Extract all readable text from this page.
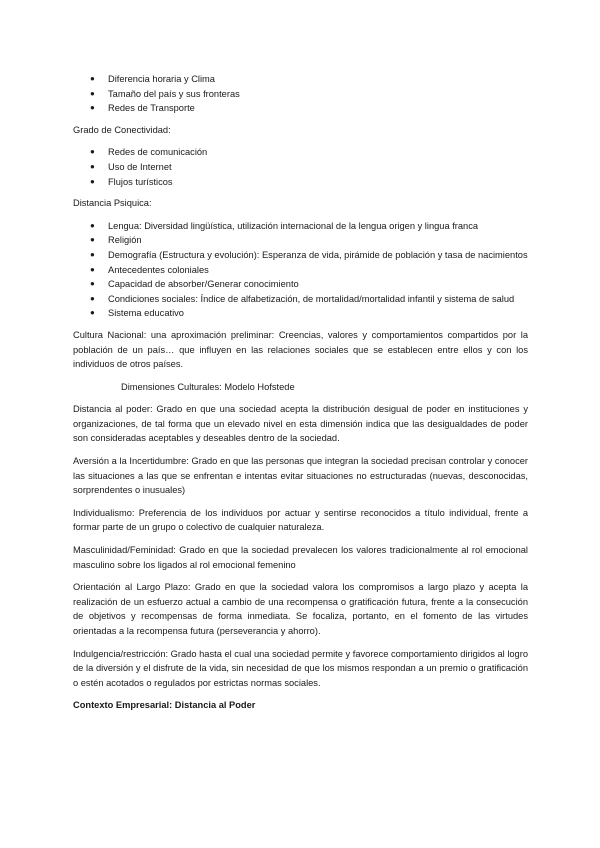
● Diferencia horaria y Clima
● Tamaño del país y sus fronteras
● Redes de Transporte

Grado de Conectividad:

● Redes de comunicación
● Uso de Internet
● Flujos turísticos

Distancia Psiquica:

● Lengua: Diversidad lingüística, utilización internacional de la lengua origen y lingua franca
● Religión
● Demografía (Estructura y evolución): Esperanza de vida, pirámide de población y tasa de nacimientos
● Antecedentes coloniales
● Capacidad de absorber/Generar conocimiento
● Condiciones sociales: Índice de alfabetización, de mortalidad/mortalidad infantil y sistema de salud
● Sistema educativo

Cultura Nacional: una aproximación preliminar: Creencias, valores y comportamientos compartidos por la población de un país… que influyen en las relaciones sociales que se establecen entre ellos y con los individuos de otros países.

Dimensiones Culturales: Modelo Hofstede

Distancia al poder: Grado en que una sociedad acepta la distribución desigual de poder en instituciones y organizaciones, de tal forma que un elevado nivel en esta dimensión indica que las desigualdades de poder son consideradas aceptables y deseables dentro de la sociedad.

Aversión a la Incertidumbre: Grado en que las personas que integran la sociedad precisan controlar y conocer las situaciones a las que se enfrentan e intentas evitar situaciones no estructuradas (nuevas, desconocidas, sorprendentes o inusuales)

Individualismo: Preferencia de los individuos por actuar y sentirse reconocidos a título individual, frente a formar parte de un grupo o colectivo de cualquier naturaleza.

Masculinidad/Feminidad: Grado en que la sociedad prevalecen los valores tradicionalmente al rol emocional masculino sobre los ligados al rol emocional femenino

Orientación al Largo Plazo: Grado en que la sociedad valora los compromisos a largo plazo y acepta la realización de un esfuerzo actual a cambio de una recompensa o gratificación futura, frente a la consecución de objetivos y recompensas de forma inmediata. Se focaliza, portanto, en el fomento de las virtudes orientadas a la recompensa futura (perseverancia y ahorro).

Indulgencia/restricción: Grado hasta el cual una sociedad permite y favorece comportamiento dirigidos al logro de la diversión y el disfrute de la vida, sin necesidad de que los mismos respondan a un premio o gratificación o estén acotados o regulados por estrictas normas sociales.

Contexto Empresarial: Distancia al Poder
